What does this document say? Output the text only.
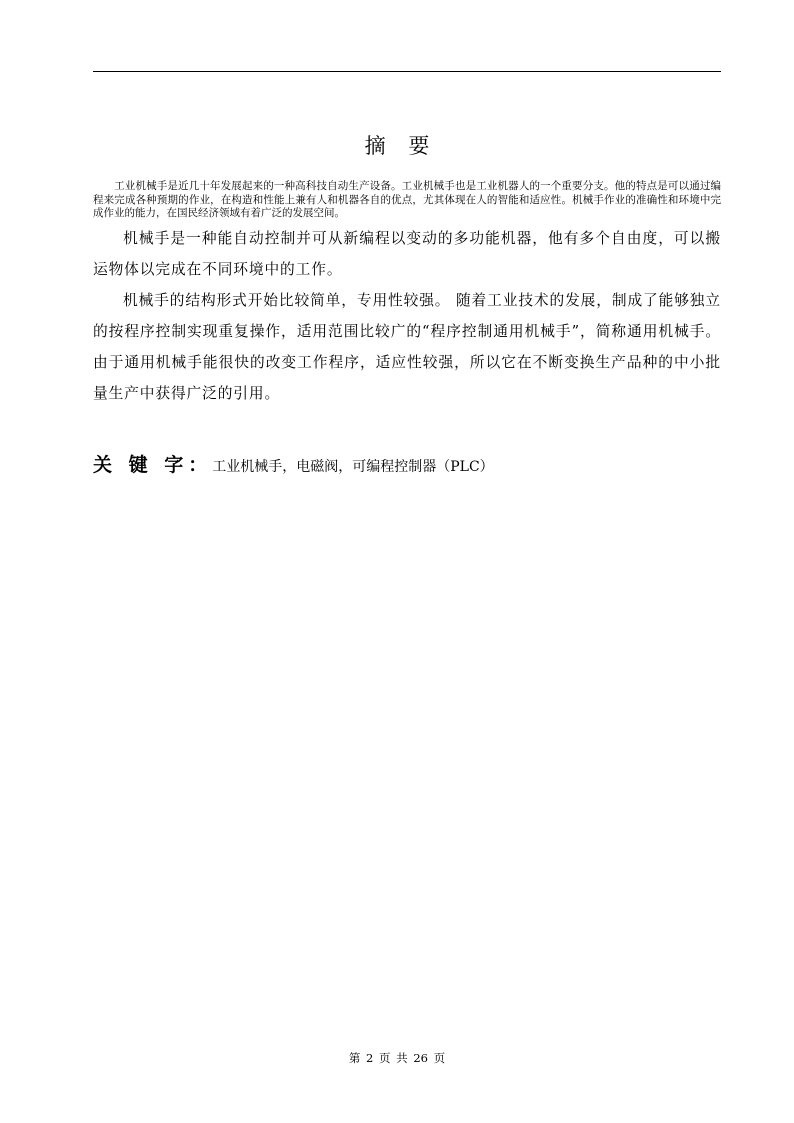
摘 要
工业机械手是近几十年发展起来的一种高科技自动生产设备。工业机械手也是工业机器人的一个重要分支。他的特点是可以通过编程来完成各种预期的作业，在构造和性能上兼有人和机器各自的优点，尤其体现在人的智能和适应性。机械手作业的准确性和环境中完成作业的能力，在国民经济领域有着广泛的发展空间。
机械手是一种能自动控制并可从新编程以变动的多功能机器，他有多个自由度，可以搬运物体以完成在不同环境中的工作。
机械手的结构形式开始比较简单，专用性较强。 随着工业技术的发展，制成了能够独立的按程序控制实现重复操作，适用范围比较广的“程序控制通用机械手”，简称通用机械手。由于通用机械手能很快的改变工作程序，适应性较强，所以它在不断变换生产品种的中小批量生产中获得广泛的引用。
关 键 字：工业机械手，电磁阀，可编程控制器（PLC）
第 2 页 共 26 页
